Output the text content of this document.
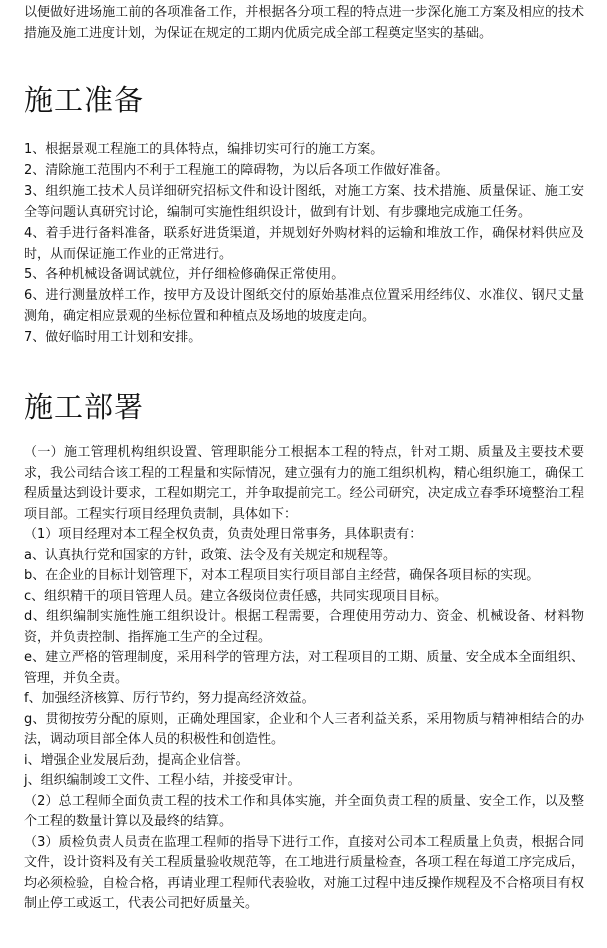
以便做好进场施工前的各项准备工作，并根据各分项工程的特点进一步深化施工方案及相应的技术措施及施工进度计划，为保证在规定的工期内优质完成全部工程奠定坚实的基础。

施工准备

1、根据景观工程施工的具体特点，编排切实可行的施工方案。

2、清除施工范围内不利于工程施工的障碍物，为以后各项工作做好准备。

3、组织施工技术人员详细研究招标文件和设计图纸，对施工方案、技术措施、质量保证、施工安全等问题认真研究讨论，编制可实施性组织设计，做到有计划、有步骤地完成施工任务。

4、着手进行备料准备，联系好进货渠道，并规划好外购材料的运输和堆放工作，确保材料供应及时，从而保证施工作业的正常进行。

5、各种机械设备调试就位，并仔细检修确保正常使用。

6、进行测量放样工作，按甲方及设计图纸交付的原始基准点位置采用经纬仪、水准仪、钢尺丈量测角，确定相应景观的坐标位置和种植点及场地的坡度走向。

7、做好临时用工计划和安排。

施工部署

（一）施工管理机构组织设置、管理职能分工根据本工程的特点，针对工期、质量及主要技术要求，我公司结合该工程的工程量和实际情况，建立强有力的施工组织机构，精心组织施工，确保工程质量达到设计要求，工程如期完工，并争取提前完工。经公司研究，决定成立春季环境整治工程项目部。工程实行项目经理负责制，具体如下：

（1）项目经理对本工程全权负责，负责处理日常事务，具体职责有：

a、认真执行党和国家的方针，政策、法令及有关规定和规程等。

b、在企业的目标计划管理下，对本工程项目实行项目部自主经营，确保各项目标的实现。

c、组织精干的项目管理人员。建立各级岗位责任感，共同实现项目目标。

d、组织编制实施性施工组织设计。根据工程需要，合理使用劳动力、资金、机械设备、材料物资，并负责控制、指挥施工生产的全过程。

e、建立严格的管理制度，采用科学的管理方法，对工程项目的工期、质量、安全成本全面组织、管理，并负全责。

f、加强经济核算、厉行节约，努力提高经济效益。

g、贯彻按劳分配的原则，正确处理国家，企业和个人三者利益关系，采用物质与精神相结合的办法，调动项目部全体人员的积极性和创造性。

i、增强企业发展后劲，提高企业信誉。

j、组织编制竣工文件、工程小结，并接受审计。

（2）总工程师全面负责工程的技术工作和具体实施，并全面负责工程的质量、安全工作，以及整个工程的数量计算以及最终的结算。

（3）质检负责人员责在监理工程师的指导下进行工作，直接对公司本工程质量上负责，根据合同文件，设计资料及有关工程质量验收规范等，在工地进行质量检查，各项工程在每道工序完成后，均必须检验，自检合格，再请业理工程师代表验收，对施工过程中违反操作规程及不合格项目有权制止停工或返工，代表公司把好质量关。
